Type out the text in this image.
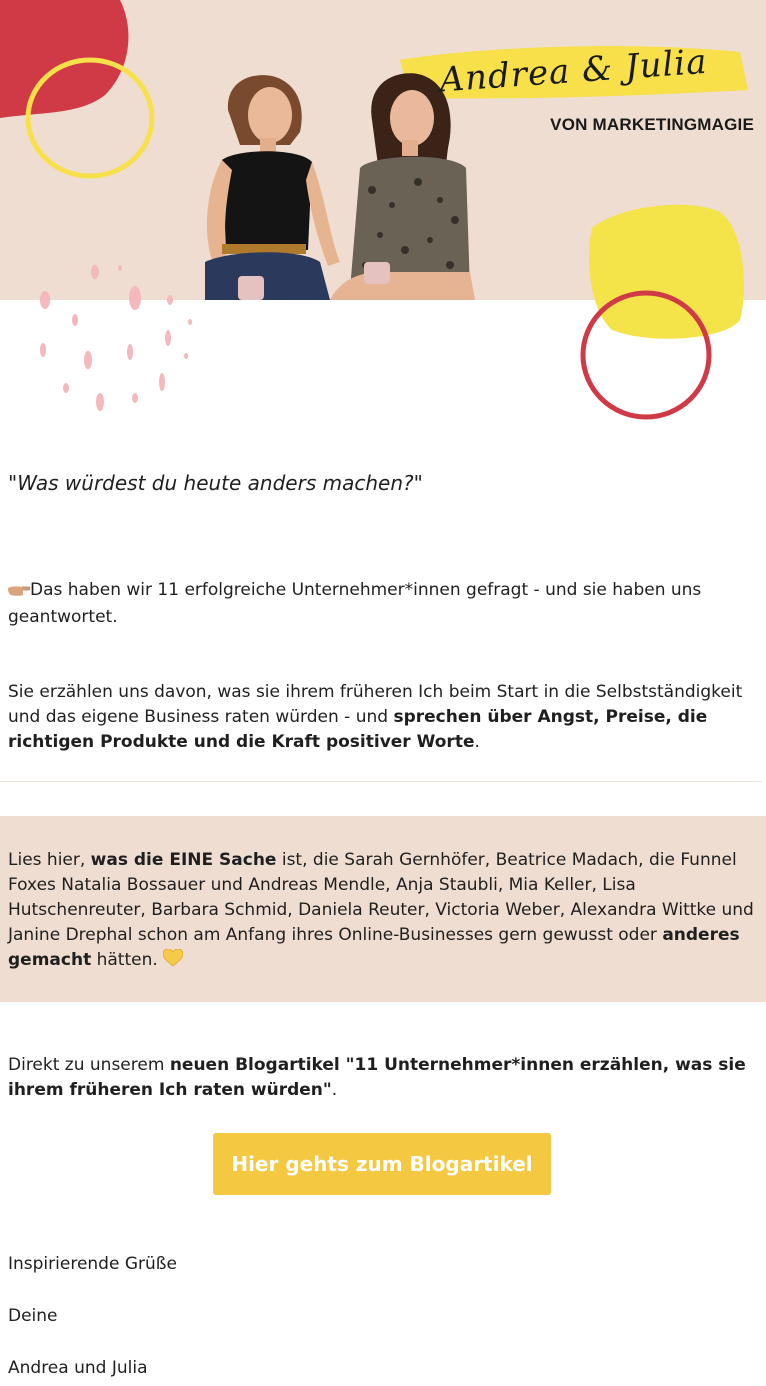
Andrea & Julia
VON MARKETINGMAGIE

"Was würdest du heute anders machen?"

Das haben wir 11 erfolgreiche Unternehmer*innen gefragt - und sie haben uns geantwortet.

Sie erzählen uns davon, was sie ihrem früheren Ich beim Start in die Selbstständigkeit und das eigene Business raten würden - und sprechen über Angst, Preise, die richtigen Produkte und die Kraft positiver Worte.

Lies hier, was die EINE Sache ist, die Sarah Gernhöfer, Beatrice Madach, die Funnel Foxes Natalia Bossauer und Andreas Mendle, Anja Staubli, Mia Keller, Lisa Hutschenreuter, Barbara Schmid, Daniela Reuter, Victoria Weber, Alexandra Wittke und Janine Drephal schon am Anfang ihres Online-Businesses gern gewusst oder anderes gemacht hätten.

Direkt zu unserem neuen Blogartikel "11 Unternehmer*innen erzählen, was sie ihrem früheren Ich raten würden".

Hier gehts zum Blogartikel

Inspirierende Grüße

Deine

Andrea und Julia
